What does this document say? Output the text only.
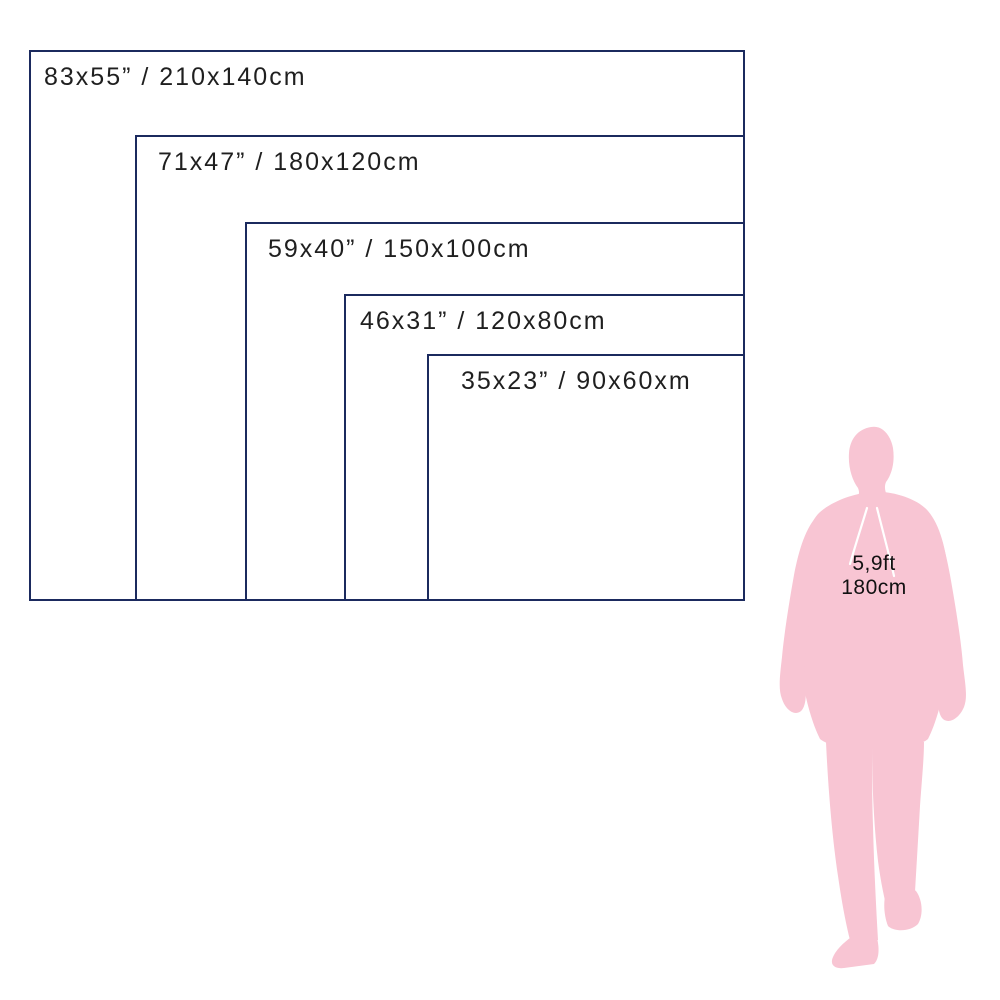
83x55” / 210x140cm
71x47” / 180x120cm
59x40” / 150x100cm
46x31” / 120x80cm
35x23” / 90x60xm
5,9ft
180cm
